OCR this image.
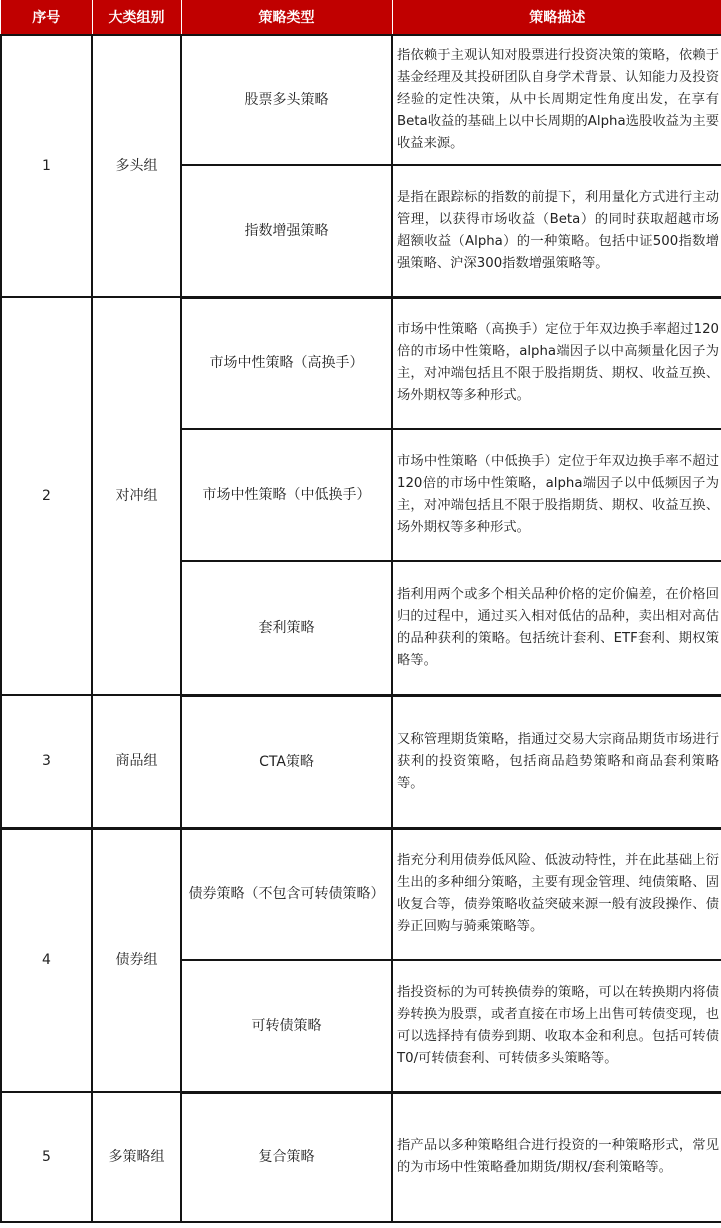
序号	大类组别	策略类型	策略描述
1	多头组	股票多头策略	指依赖于主观认知对股票进行投资决策的策略，依赖于基金经理及其投研团队自身学术背景、认知能力及投资经验的定性决策，从中长周期定性角度出发，在享有Beta收益的基础上以中长周期的Alpha选股收益为主要收益来源。
		指数增强策略	是指在跟踪标的指数的前提下，利用量化方式进行主动管理，以获得市场收益（Beta）的同时获取超越市场超额收益（Alpha）的一种策略。包括中证500指数增强策略、沪深300指数增强策略等。
2	对冲组	市场中性策略（高换手）	市场中性策略（高换手）定位于年双边换手率超过120倍的市场中性策略，alpha端因子以中高频量化因子为主，对冲端包括且不限于股指期货、期权、收益互换、场外期权等多种形式。
		市场中性策略（中低换手）	市场中性策略（中低换手）定位于年双边换手率不超过120倍的市场中性策略，alpha端因子以中低频因子为主，对冲端包括且不限于股指期货、期权、收益互换、场外期权等多种形式。
		套利策略	指利用两个或多个相关品种价格的定价偏差，在价格回归的过程中，通过买入相对低估的品种，卖出相对高估的品种获利的策略。包括统计套利、ETF套利、期权策略等。
3	商品组	CTA策略	又称管理期货策略，指通过交易大宗商品期货市场进行获利的投资策略，包括商品趋势策略和商品套利策略等。
4	债券组	债券策略（不包含可转债策略）	指充分利用债券低风险、低波动特性，并在此基础上衍生出的多种细分策略，主要有现金管理、纯债策略、固收复合等，债券策略收益突破来源一般有波段操作、债券正回购与骑乘策略等。
		可转债策略	指投资标的为可转换债券的策略，可以在转换期内将债券转换为股票，或者直接在市场上出售可转债变现，也可以选择持有债券到期、收取本金和利息。包括可转债T0/可转债套利、可转债多头策略等。
5	多策略组	复合策略	指产品以多种策略组合进行投资的一种策略形式，常见的为市场中性策略叠加期货/期权/套利策略等。
